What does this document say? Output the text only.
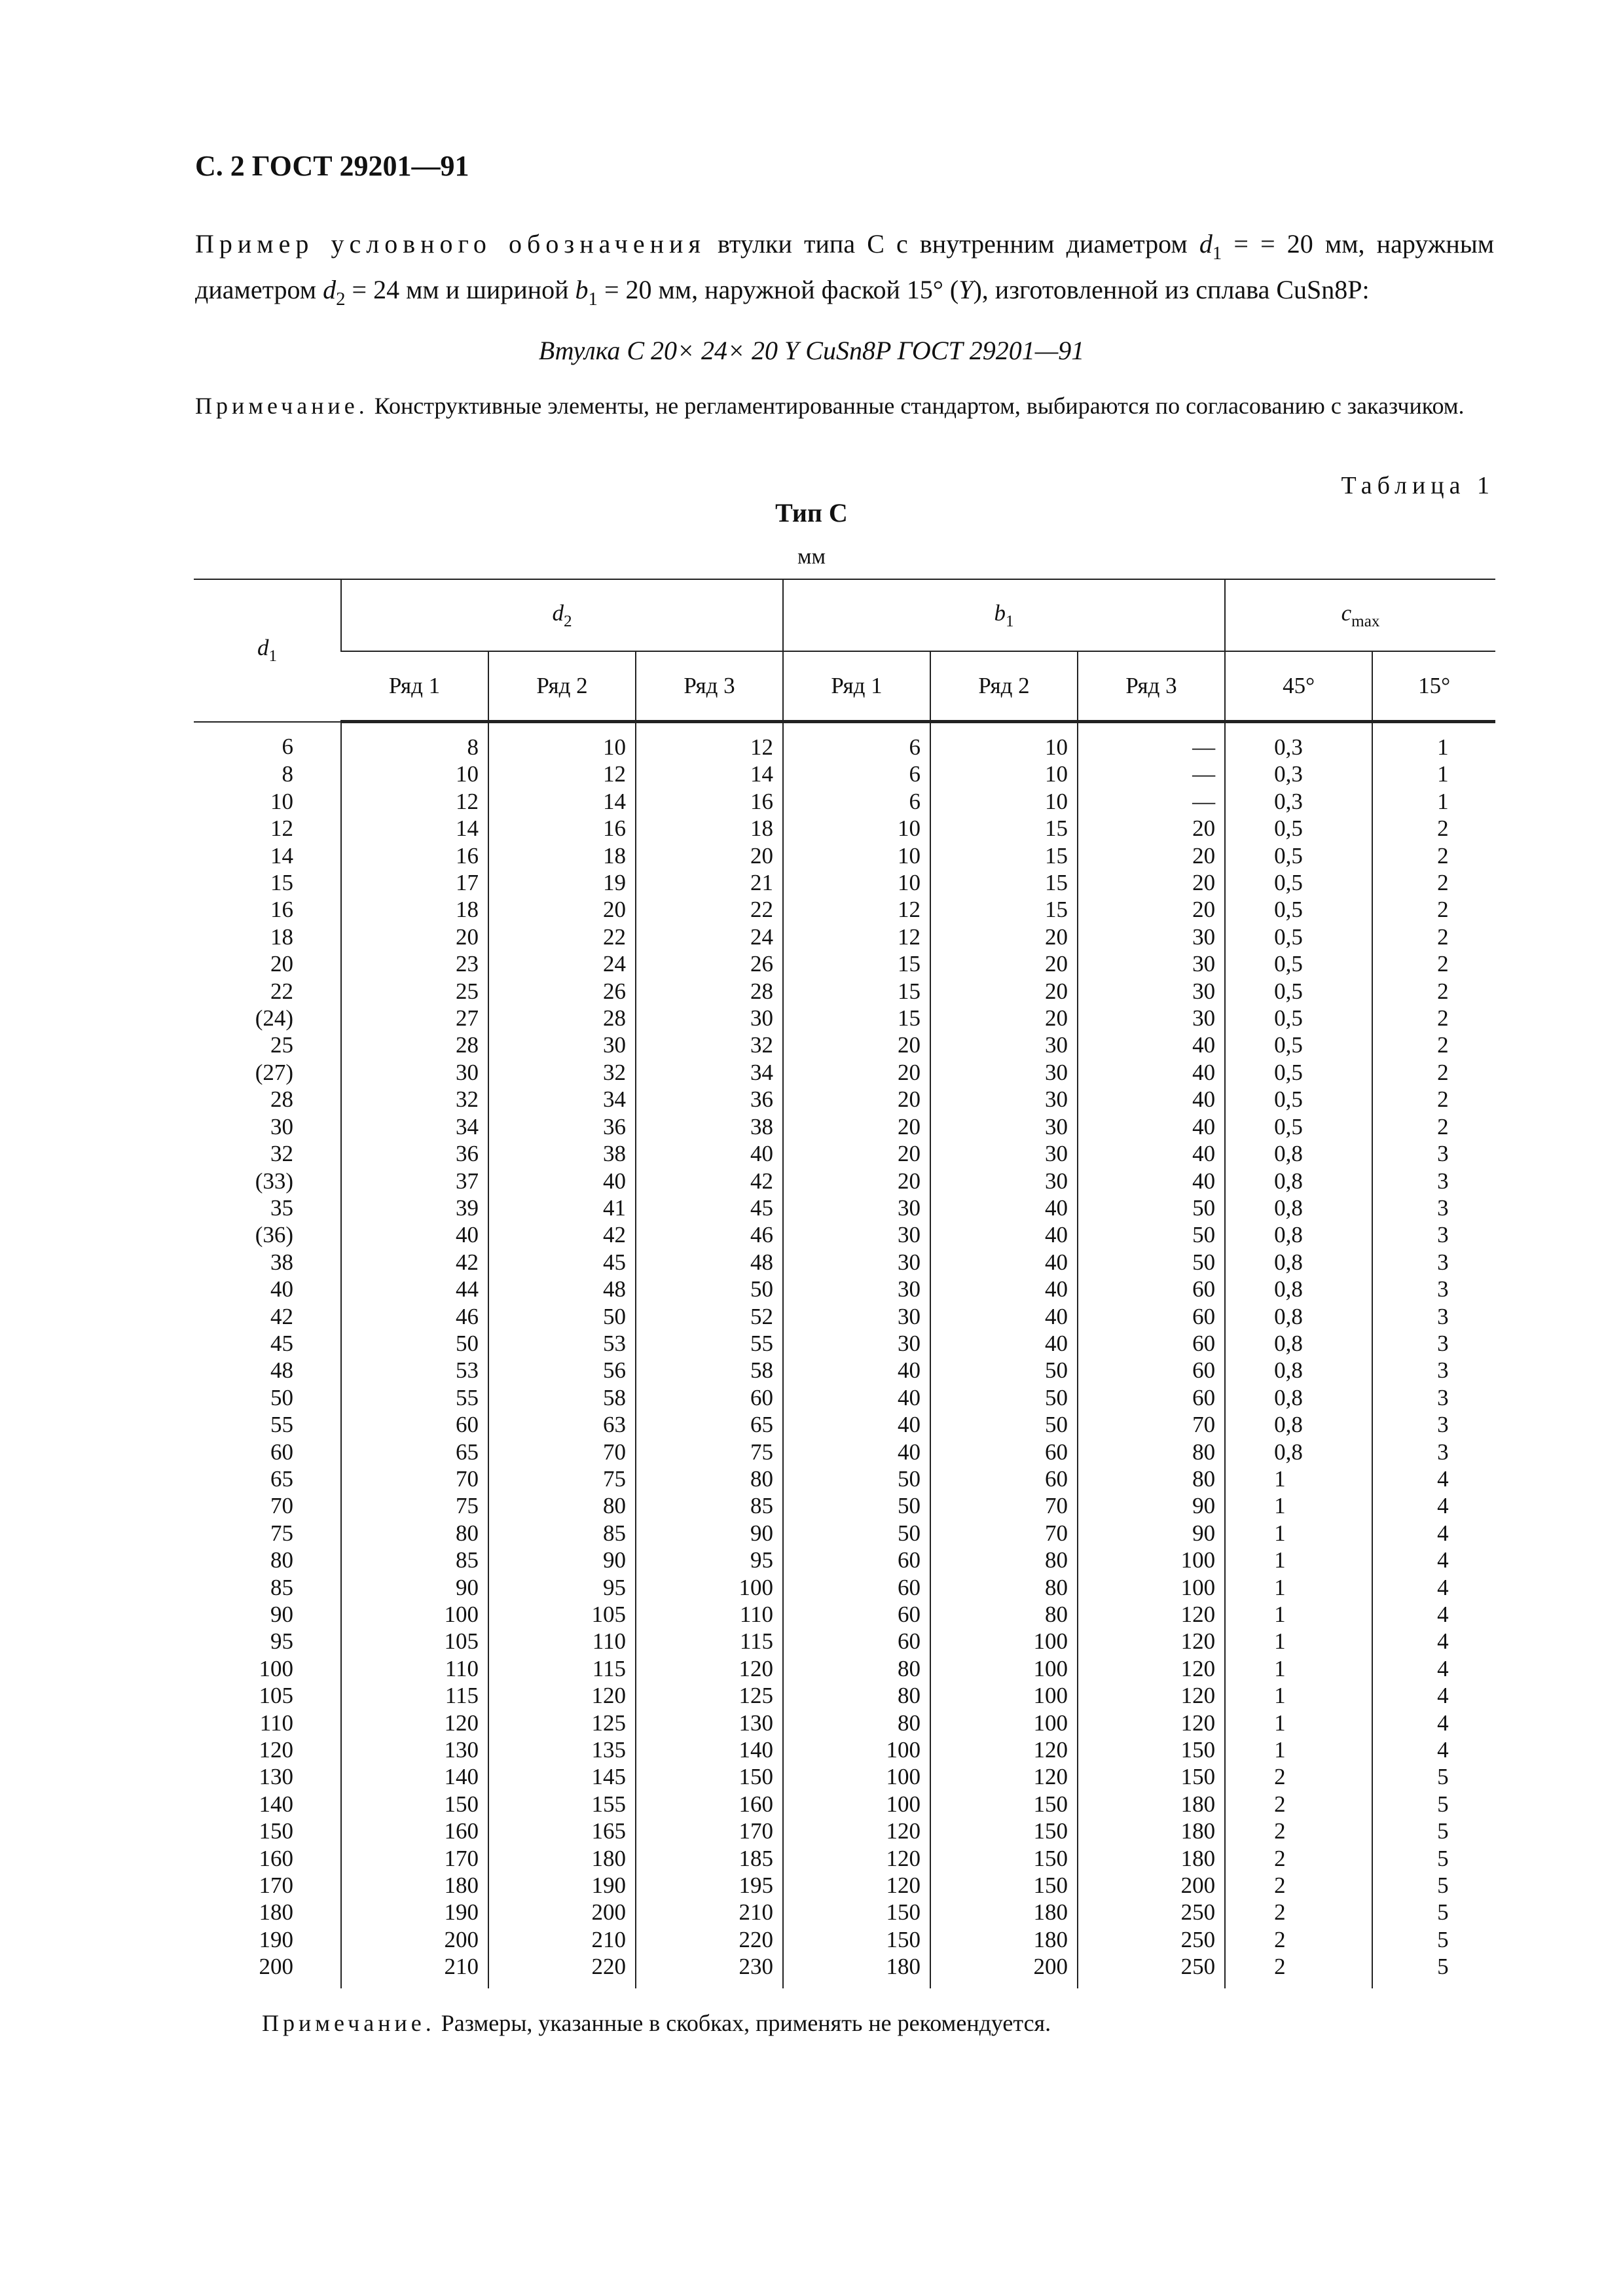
С. 2 ГОСТ 29201—91
Пример условного обозначения втулки типа С с внутренним диаметром $d_1$ = = 20 мм, наружным диаметром $d_2 = 24$ мм и шириной $b_1 = 20$ мм, наружной фаской 15° (Y), изготовленной из сплава CuSn8P:
Втулка С 20× 24× 20 Y CuSn8P ГОСТ 29201—91
Примечание. Конструктивные элементы, не регламентированные стандартом, выбираются по согласованию с заказчиком.
Таблица 1
Тип С
мм
$d_1$	$d_2$			$b_1$			$c_{max}$
	Ряд 1	Ряд 2	Ряд 3	Ряд 1	Ряд 2	Ряд 3	45°	15°
6	8	10	12	6	10	—	0,3	1
8	10	12	14	6	10	—	0,3	1
10	12	14	16	6	10	—	0,3	1
12	14	16	18	10	15	20	0,5	2
14	16	18	20	10	15	20	0,5	2
15	17	19	21	10	15	20	0,5	2
16	18	20	22	12	15	20	0,5	2
18	20	22	24	12	20	30	0,5	2
20	23	24	26	15	20	30	0,5	2
22	25	26	28	15	20	30	0,5	2
(24)	27	28	30	15	20	30	0,5	2
25	28	30	32	20	30	40	0,5	2
(27)	30	32	34	20	30	40	0,5	2
28	32	34	36	20	30	40	0,5	2
30	34	36	38	20	30	40	0,5	2
32	36	38	40	20	30	40	0,8	3
(33)	37	40	42	20	30	40	0,8	3
35	39	41	45	30	40	50	0,8	3
(36)	40	42	46	30	40	50	0,8	3
38	42	45	48	30	40	50	0,8	3
40	44	48	50	30	40	60	0,8	3
42	46	50	52	30	40	60	0,8	3
45	50	53	55	30	40	60	0,8	3
48	53	56	58	40	50	60	0,8	3
50	55	58	60	40	50	60	0,8	3
55	60	63	65	40	50	70	0,8	3
60	65	70	75	40	60	80	0,8	3
65	70	75	80	50	60	80	1	4
70	75	80	85	50	70	90	1	4
75	80	85	90	50	70	90	1	4
80	85	90	95	60	80	100	1	4
85	90	95	100	60	80	100	1	4
90	100	105	110	60	80	120	1	4
95	105	110	115	60	100	120	1	4
100	110	115	120	80	100	120	1	4
105	115	120	125	80	100	120	1	4
110	120	125	130	80	100	120	1	4
120	130	135	140	100	120	150	1	4
130	140	145	150	100	120	150	2	5
140	150	155	160	100	150	180	2	5
150	160	165	170	120	150	180	2	5
160	170	180	185	120	150	180	2	5
170	180	190	195	120	150	200	2	5
180	190	200	210	150	180	250	2	5
190	200	210	220	150	180	250	2	5
200	210	220	230	180	200	250	2	5
Примечание. Размеры, указанные в скобках, применять не рекомендуется.
